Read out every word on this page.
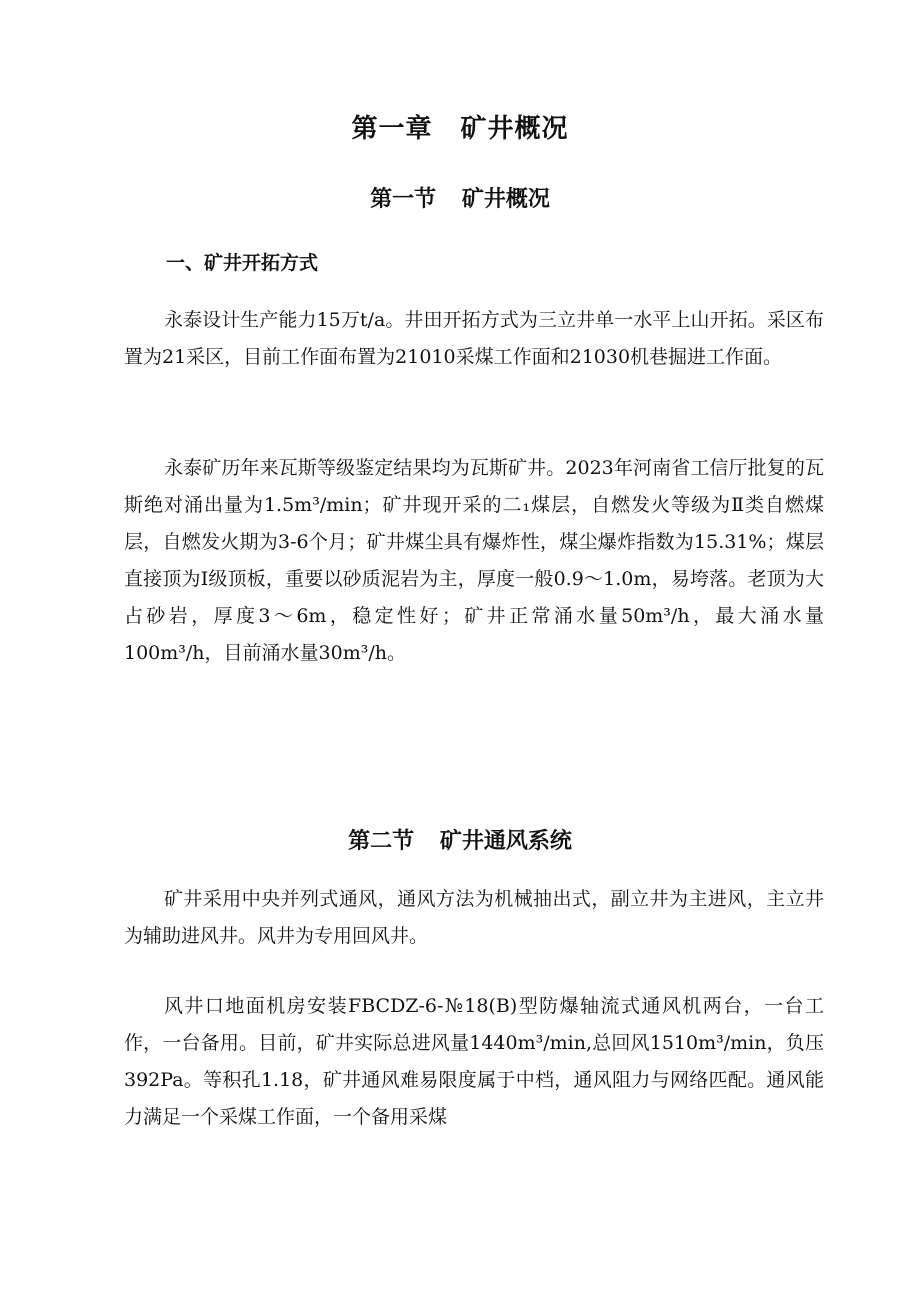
第一章 矿井概况
第一节 矿井概况
一、矿井开拓方式

永泰设计生产能力15万t/a。井田开拓方式为三立井单一水平上山开拓。采区布置为21采区，目前工作面布置为21010采煤工作面和21030机巷掘进工作面。

永泰矿历年来瓦斯等级鉴定结果均为瓦斯矿井。2023年河南省工信厅批复的瓦斯绝对涌出量为1.5m³/min；矿井现开采的二₁煤层，自燃发火等级为Ⅱ类自燃煤层，自燃发火期为3-6个月；矿井煤尘具有爆炸性，煤尘爆炸指数为15.31%；煤层直接顶为Ⅰ级顶板，重要以砂质泥岩为主，厚度一般0.9～1.0m，易垮落。老顶为大占砂岩，厚度3～6m，稳定性好；矿井正常涌水量50m³/h，最大涌水量100m³/h，目前涌水量30m³/h。

第二节 矿井通风系统

矿井采用中央并列式通风，通风方法为机械抽出式，副立井为主进风，主立井为辅助进风井。风井为专用回风井。

风井口地面机房安装FBCDZ-6-№18(B)型防爆轴流式通风机两台，一台工作，一台备用。目前，矿井实际总进风量1440m³/min,总回风1510m³/min，负压392Pa。等积孔1.18，矿井通风难易限度属于中档，通风阻力与网络匹配。通风能力满足一个采煤工作面，一个备用采煤
